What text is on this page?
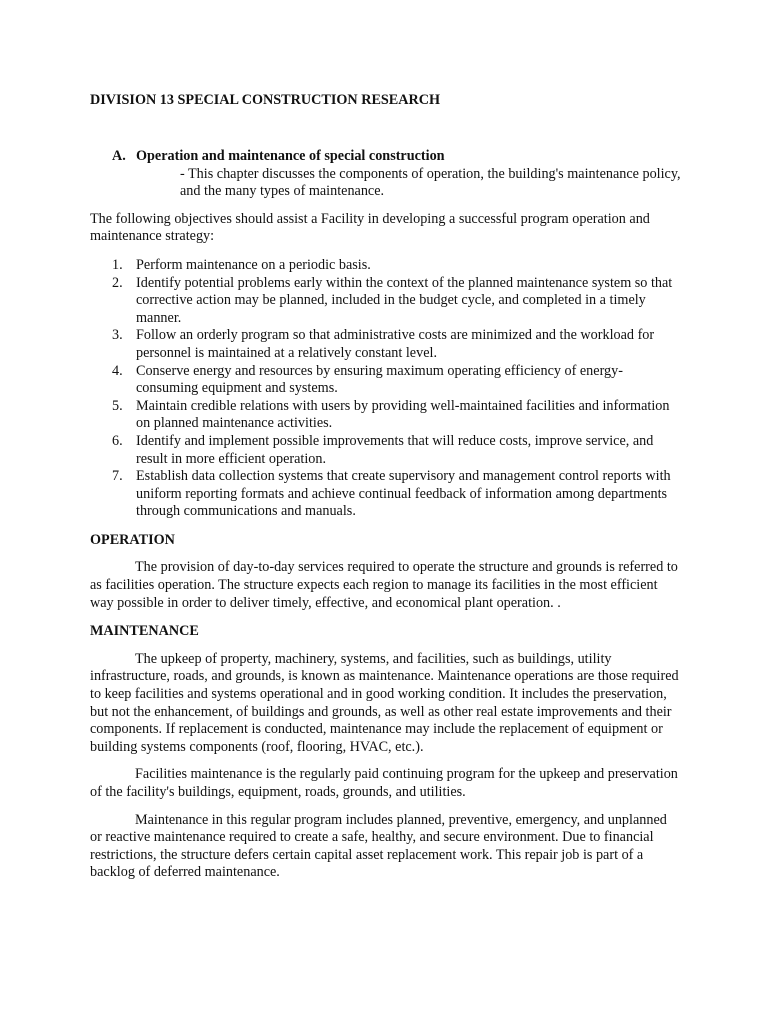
DIVISION 13 SPECIAL CONSTRUCTION RESEARCH

A. Operation and maintenance of special construction

- This chapter discusses the components of operation, the building's maintenance policy, and the many types of maintenance.

The following objectives should assist a Facility in developing a successful program operation and maintenance strategy:

1. Perform maintenance on a periodic basis.
2. Identify potential problems early within the context of the planned maintenance system so that corrective action may be planned, included in the budget cycle, and completed in a timely manner.
3. Follow an orderly program so that administrative costs are minimized and the workload for personnel is maintained at a relatively constant level.
4. Conserve energy and resources by ensuring maximum operating efficiency of energy-consuming equipment and systems.
5. Maintain credible relations with users by providing well-maintained facilities and information on planned maintenance activities.
6. Identify and implement possible improvements that will reduce costs, improve service, and result in more efficient operation.
7. Establish data collection systems that create supervisory and management control reports with uniform reporting formats and achieve continual feedback of information among departments through communications and manuals.

OPERATION

The provision of day-to-day services required to operate the structure and grounds is referred to as facilities operation. The structure expects each region to manage its facilities in the most efficient way possible in order to deliver timely, effective, and economical plant operation. .

MAINTENANCE

The upkeep of property, machinery, systems, and facilities, such as buildings, utility infrastructure, roads, and grounds, is known as maintenance. Maintenance operations are those required to keep facilities and systems operational and in good working condition. It includes the preservation, but not the enhancement, of buildings and grounds, as well as other real estate improvements and their components. If replacement is conducted, maintenance may include the replacement of equipment or building systems components (roof, flooring, HVAC, etc.).

Facilities maintenance is the regularly paid continuing program for the upkeep and preservation of the facility's buildings, equipment, roads, grounds, and utilities.

Maintenance in this regular program includes planned, preventive, emergency, and unplanned or reactive maintenance required to create a safe, healthy, and secure environment. Due to financial restrictions, the structure defers certain capital asset replacement work. This repair job is part of a backlog of deferred maintenance.
